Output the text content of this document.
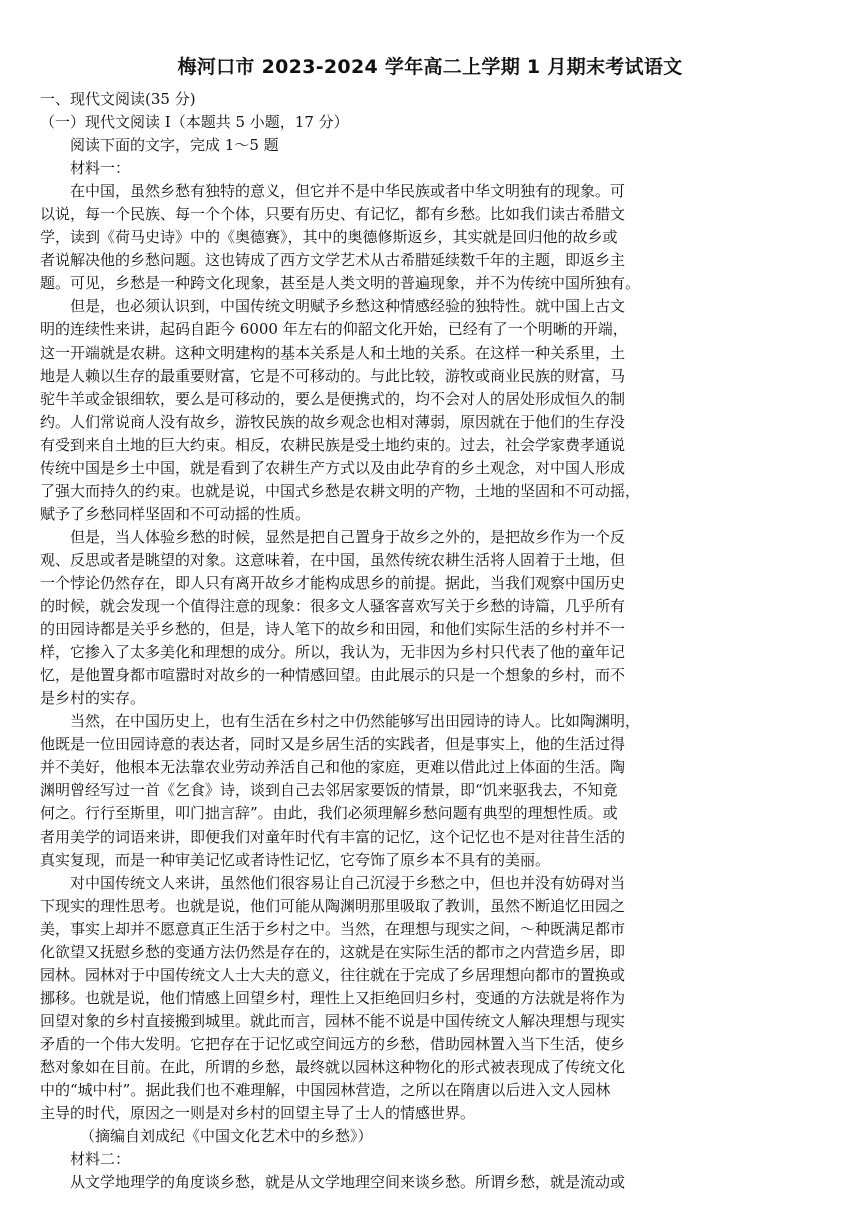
梅河口市 2023-2024 学年高二上学期 1 月期末考试语文
一、现代文阅读(35 分)
（一）现代文阅读 I（本题共 5 小题，17 分）
阅读下面的文字，完成 1～5 题
材料一：
在中国，虽然乡愁有独特的意义，但它并不是中华民族或者中华文明独有的现象。可
以说，每一个民族、每一个个体，只要有历史、有记忆，都有乡愁。比如我们读古希腊文
学，读到《荷马史诗》中的《奥德赛》，其中的奥德修斯返乡，其实就是回归他的故乡或
者说解决他的乡愁问题。这也铸成了西方文学艺术从古希腊延续数千年的主题，即返乡主
题。可见，乡愁是一种跨文化现象，甚至是人类文明的普遍现象，并不为传统中国所独有。
但是，也必须认识到，中国传统文明赋予乡愁这种情感经验的独特性。就中国上古文
明的连续性来讲，起码自距今 6000 年左右的仰韶文化开始，已经有了一个明晰的开端，
这一开端就是农耕。这种文明建构的基本关系是人和土地的关系。在这样一种关系里，土
地是人赖以生存的最重要财富，它是不可移动的。与此比较，游牧或商业民族的财富，马
驼牛羊或金银细软，要么是可移动的，要么是便携式的，均不会对人的居处形成恒久的制
约。人们常说商人没有故乡，游牧民族的故乡观念也相对薄弱，原因就在于他们的生存没
有受到来自土地的巨大约束。相反，农耕民族是受土地约束的。过去，社会学家费孝通说
传统中国是乡土中国，就是看到了农耕生产方式以及由此孕育的乡土观念，对中国人形成
了强大而持久的约束。也就是说，中国式乡愁是农耕文明的产物，土地的坚固和不可动摇，
赋予了乡愁同样坚固和不可动摇的性质。
但是，当人体验乡愁的时候，显然是把自己置身于故乡之外的，是把故乡作为一个反
观、反思或者是眺望的对象。这意味着，在中国，虽然传统农耕生活将人固着于土地，但
一个悖论仍然存在，即人只有离开故乡才能构成思乡的前提。据此，当我们观察中国历史
的时候，就会发现一个值得注意的现象：很多文人骚客喜欢写关于乡愁的诗篇，几乎所有
的田园诗都是关乎乡愁的，但是，诗人笔下的故乡和田园，和他们实际生活的乡村并不一
样，它掺入了太多美化和理想的成分。所以，我认为，无非因为乡村只代表了他的童年记
忆，是他置身都市喧嚣时对故乡的一种情感回望。由此展示的只是一个想象的乡村，而不
是乡村的实存。
当然，在中国历史上，也有生活在乡村之中仍然能够写出田园诗的诗人。比如陶渊明，
他既是一位田园诗意的表达者，同时又是乡居生活的实践者，但是事实上，他的生活过得
并不美好，他根本无法靠农业劳动养活自己和他的家庭，更难以借此过上体面的生活。陶
渊明曾经写过一首《乞食》诗，谈到自己去邻居家要饭的情景，即“饥来驱我去，不知竟
何之。行行至斯里，叩门拙言辞”。由此，我们必须理解乡愁问题有典型的理想性质。或
者用美学的词语来讲，即便我们对童年时代有丰富的记忆，这个记忆也不是对往昔生活的
真实复现，而是一种审美记忆或者诗性记忆，它夸饰了原乡本不具有的美丽。
对中国传统文人来讲，虽然他们很容易让自己沉浸于乡愁之中，但也并没有妨碍对当
下现实的理性思考。也就是说，他们可能从陶渊明那里吸取了教训，虽然不断追忆田园之
美，事实上却并不愿意真正生活于乡村之中。当然，在理想与现实之间，～种既满足都市
化欲望又抚慰乡愁的变通方法仍然是存在的，这就是在实际生活的都市之内营造乡居，即
园林。园林对于中国传统文人士大夫的意义，往往就在于完成了乡居理想向都市的置换或
挪移。也就是说，他们情感上回望乡村，理性上又拒绝回归乡村，变通的方法就是将作为
回望对象的乡村直接搬到城里。就此而言，园林不能不说是中国传统文人解决理想与现实
矛盾的一个伟大发明。它把存在于记忆或空间远方的乡愁，借助园林置入当下生活，使乡
愁对象如在目前。在此，所谓的乡愁，最终就以园林这种物化的形式被表现成了传统文化
中的“城中村”。据此我们也不难理解，中国园林营造，之所以在隋唐以后进入文人园林
主导的时代，原因之一则是对乡村的回望主导了士人的情感世界。
（摘编自刘成纪《中国文化艺术中的乡愁》）
材料二：
从文学地理学的角度谈乡愁，就是从文学地理空间来谈乡愁。所谓乡愁，就是流动或
